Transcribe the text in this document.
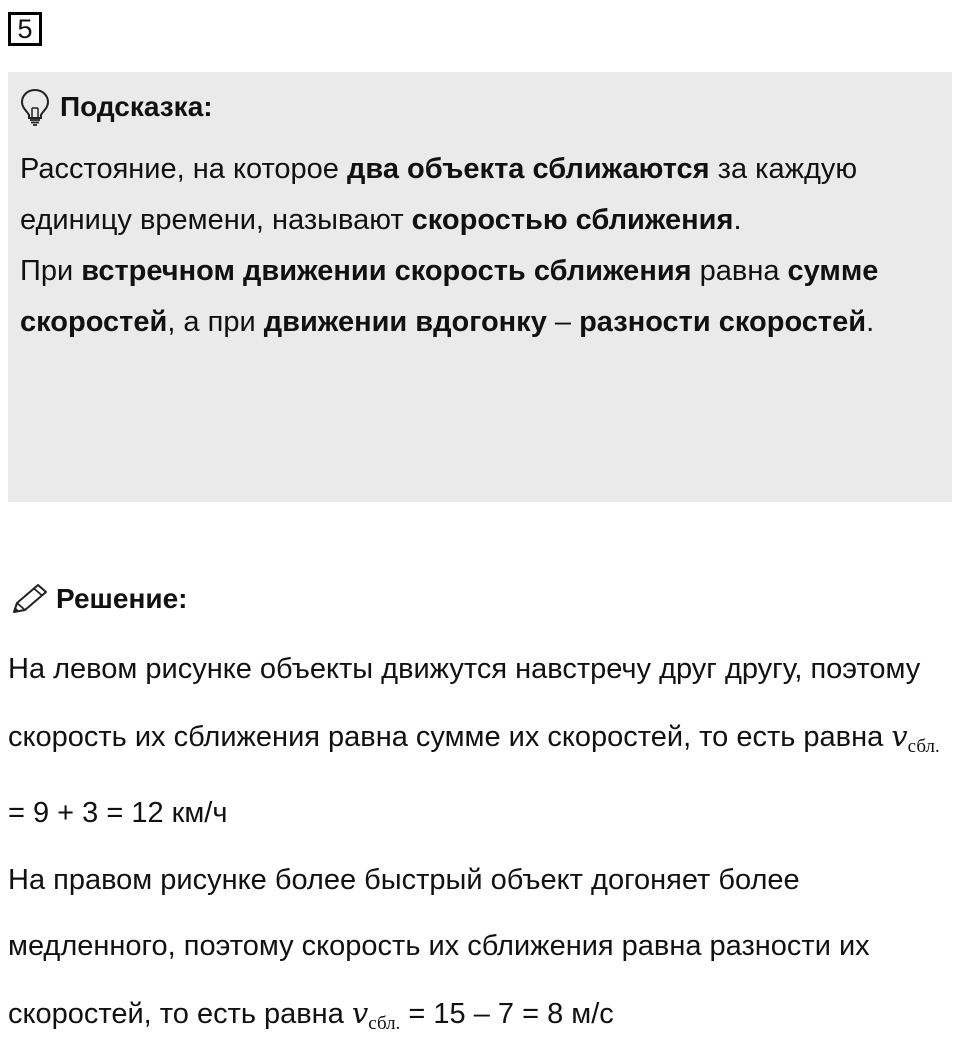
5
Подсказка:

Расстояние, на которое два объекта сближаются за каждую единицу времени, называют скоростью сближения.

При встречном движении скорость сближения равна сумме скоростей, а при движении вдогонку – разности скоростей.

Решение:

На левом рисунке объекты движутся навстречу друг другу, поэтому скорость их сближения равна сумме их скоростей, то есть равна $v_{сбл.} = 9 + 3 = 12$ км/ч

На правом рисунке более быстрый объект догоняет более медленного, поэтому скорость их сближения равна разности их скоростей, то есть равна $v_{сбл.} = 15 - 7 = 8$ м/с
